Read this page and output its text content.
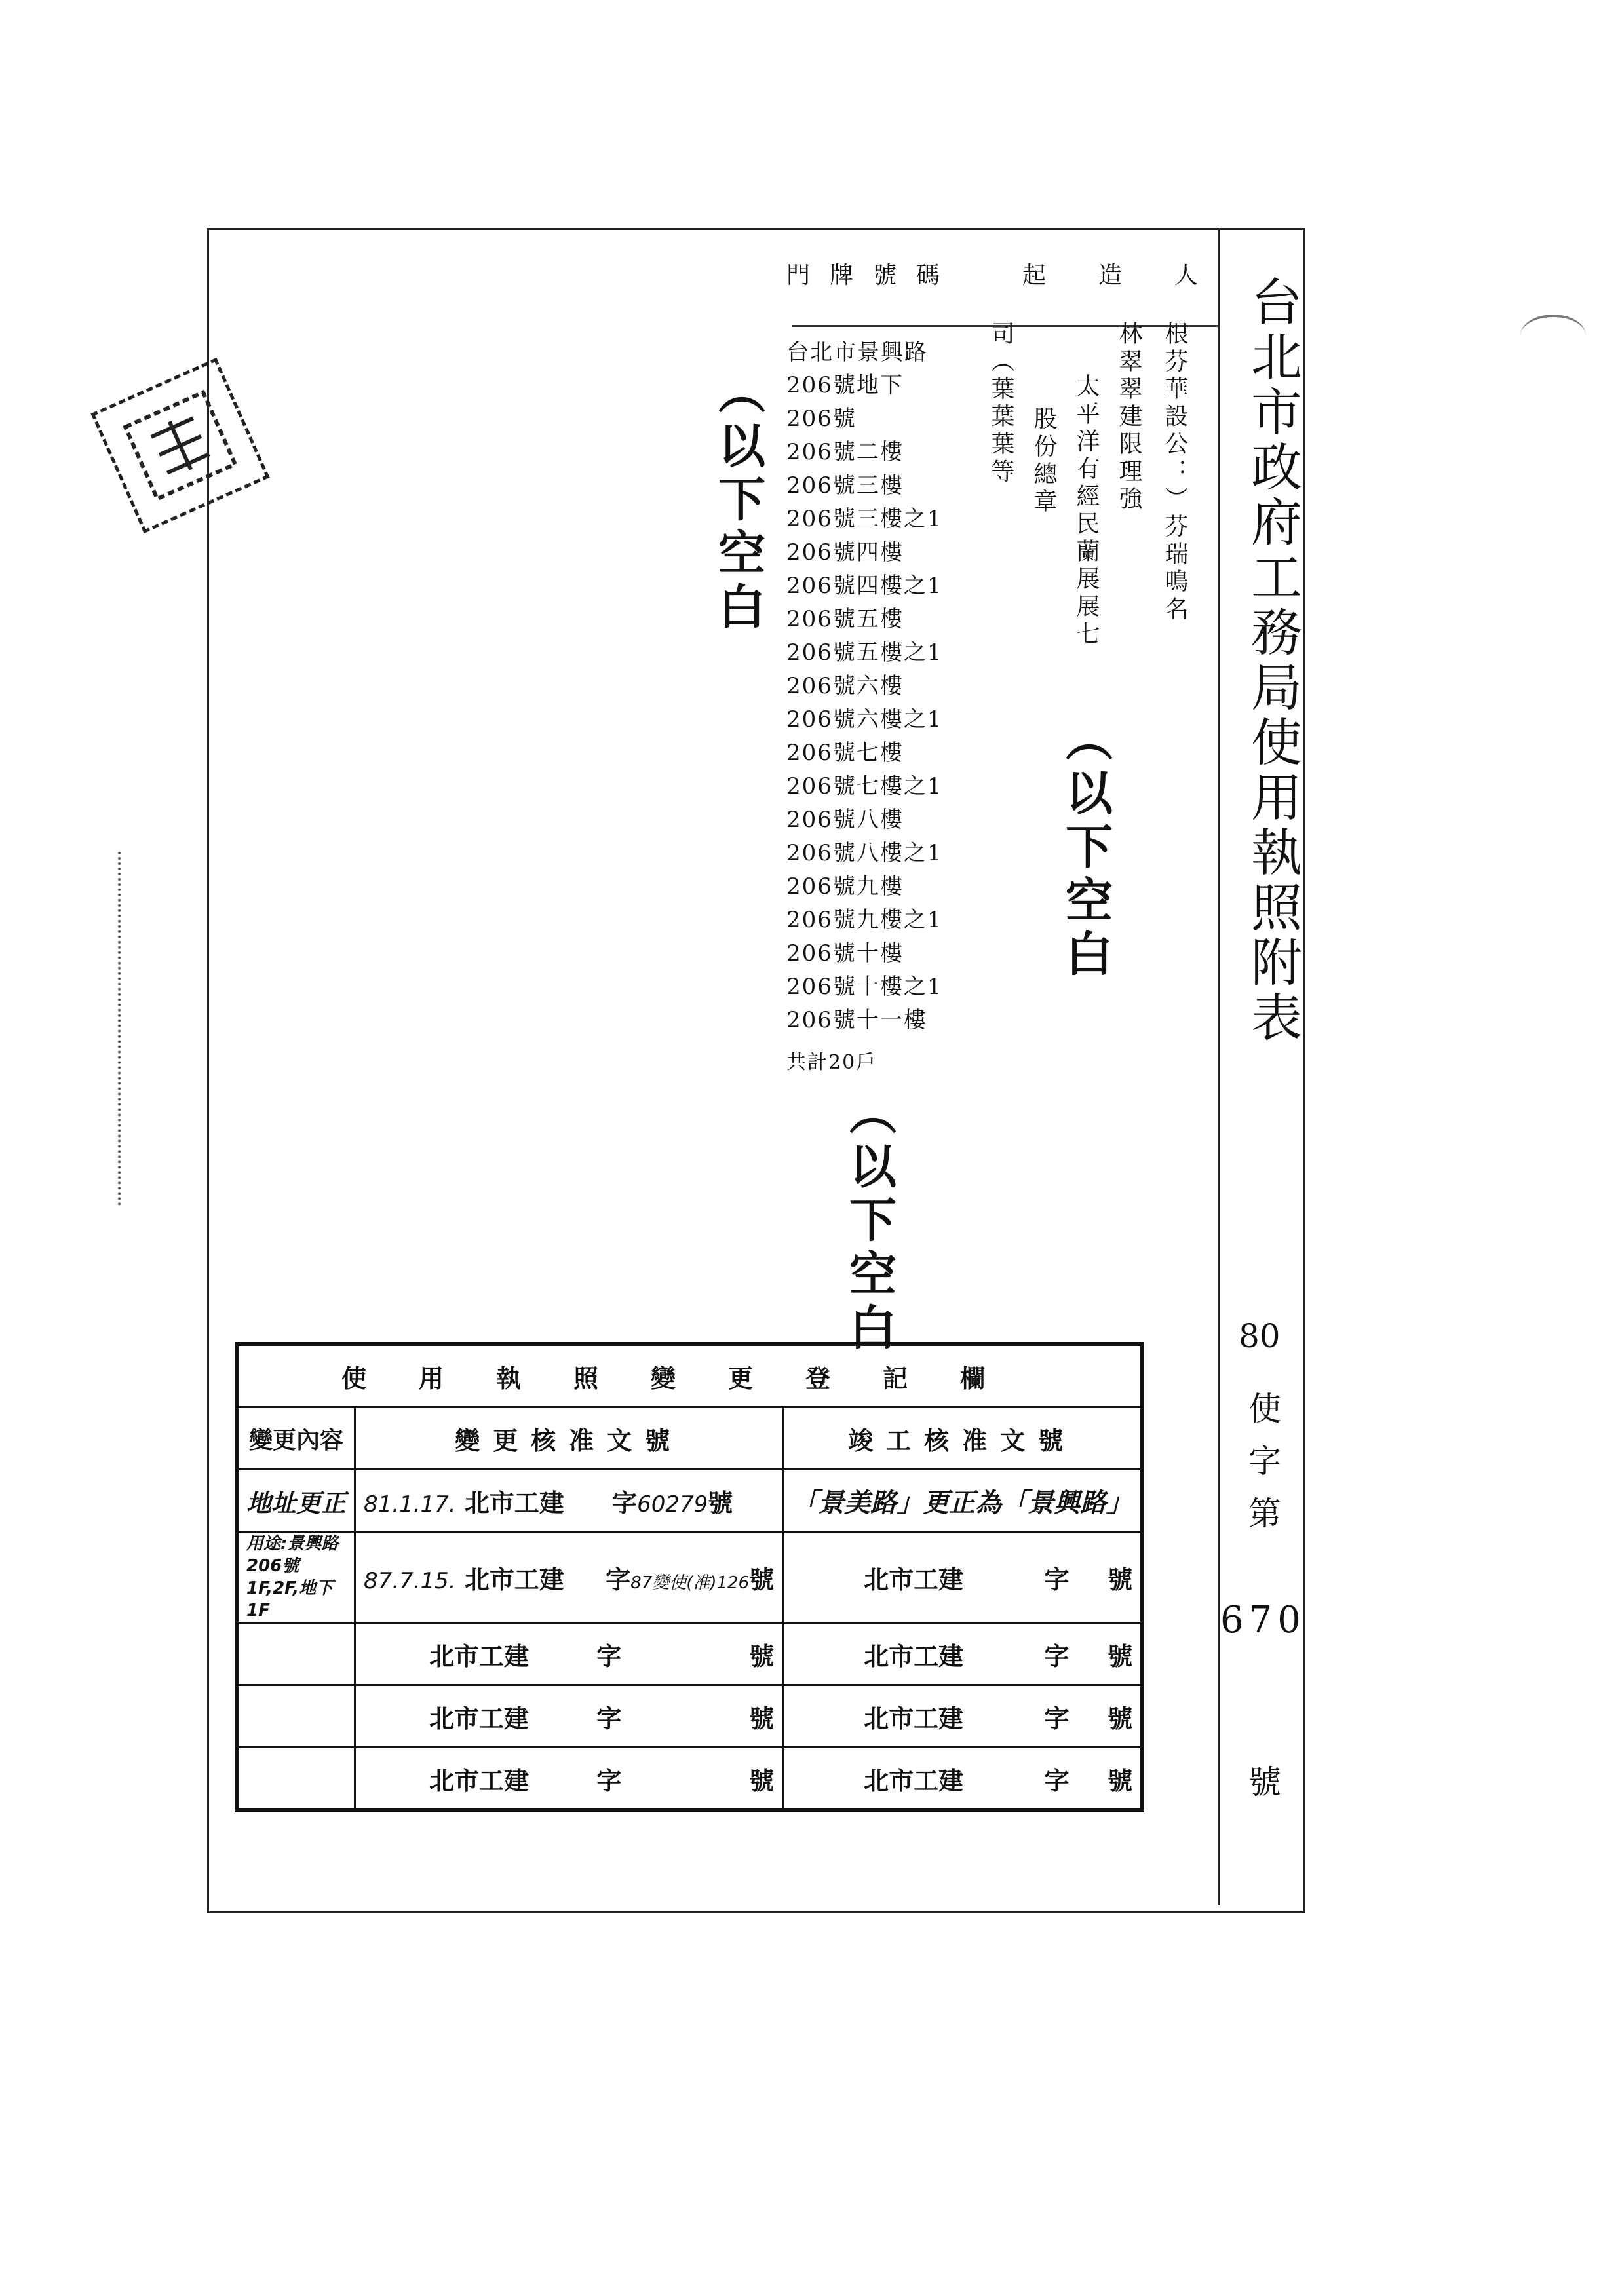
台北市政府工務局使用執照附表
80
使
字
第
670
號
門牌號碼	起造人
根芬華設公：）芬瑞鳴名
林翠翠建限理強
太平洋有經民蘭展展七
股份總章
司（葉葉葉等
（以下空白
（以下空白
（以下空白
台北市景興路
206號地下
206號
206號二樓
206號三樓
206號三樓之1
206號四樓
206號四樓之1
206號五樓
206號五樓之1
206號六樓
206號六樓之1
206號七樓
206號七樓之1
206號八樓
206號八樓之1
206號九樓
206號九樓之1
206號十樓
206號十樓之1
206號十一樓
共計20戶
使用執照變更登記欄		
變更內容	變更核准文號	竣工核准文號
地址更正	81.1.17. 北市工建 字60279號	「景美路」更正為「景興路」
用途:景興路206號1F,2F,地下1F	87.7.15. 北市工建 字87變使(准)126號	北市工建 字 號

	北市工建 字 號	北市工建 字 號

	北市工建 字 號	北市工建 字 號

	北市工建 字 號	北市工建 字 號
